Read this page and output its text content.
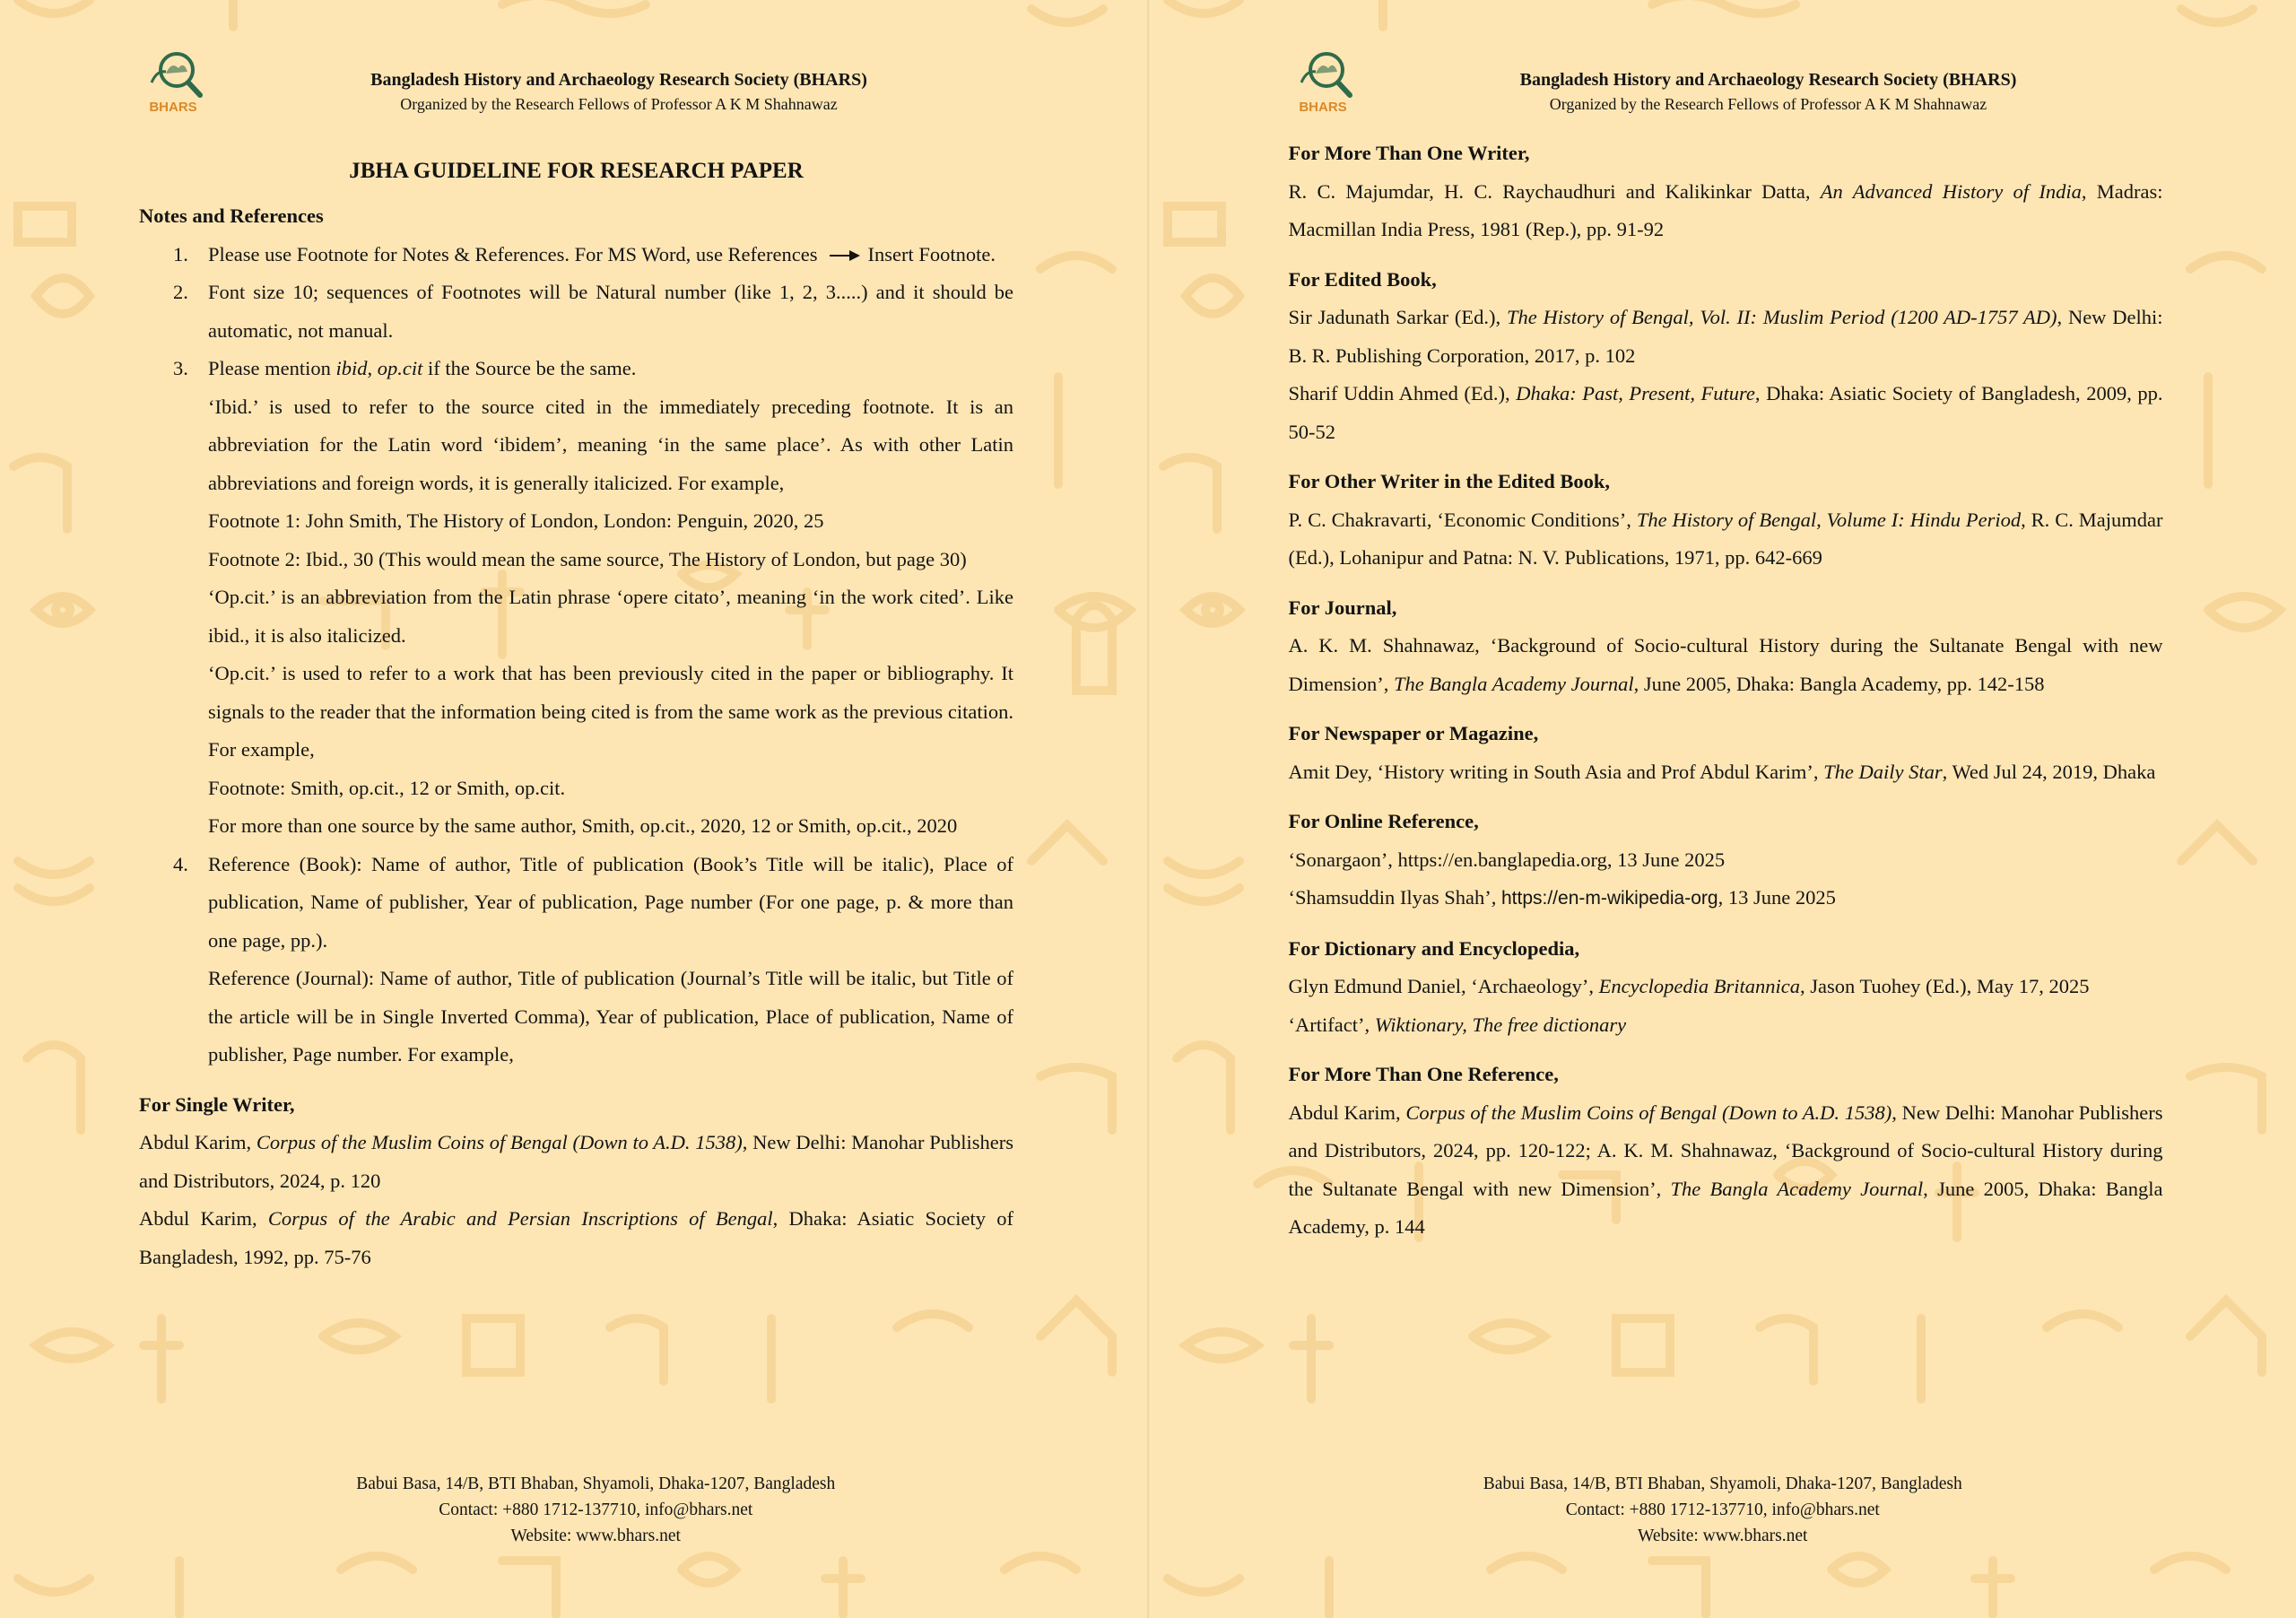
BHARS
Bangladesh History and Archaeology Research Society (BHARS)
Organized by the Research Fellows of Professor A K M Shahnawaz
JBHA GUIDELINE FOR RESEARCH PAPER
Notes and References
1. Please use Footnote for Notes & References. For MS Word, use References Insert Footnote.
2. Font size 10; sequences of Footnotes will be Natural number (like 1, 2, 3.....) and it should be automatic, not manual.
3. Please mention ibid, op.cit if the Source be the same.
‘Ibid.’ is used to refer to the source cited in the immediately preceding footnote. It is an abbreviation for the Latin word ‘ibidem’, meaning ‘in the same place’. As with other Latin abbreviations and foreign words, it is generally italicized. For example,
Footnote 1: John Smith, The History of London, London: Penguin, 2020, 25
Footnote 2: Ibid., 30 (This would mean the same source, The History of London, but page 30)
‘Op.cit.’ is an abbreviation from the Latin phrase ‘opere citato’, meaning ‘in the work cited’. Like ibid., it is also italicized.
‘Op.cit.’ is used to refer to a work that has been previously cited in the paper or bibliography. It signals to the reader that the information being cited is from the same work as the previous citation. For example,
Footnote: Smith, op.cit., 12 or Smith, op.cit.
For more than one source by the same author, Smith, op.cit., 2020, 12 or Smith, op.cit., 2020
4. Reference (Book): Name of author, Title of publication (Book’s Title will be italic), Place of publication, Name of publisher, Year of publication, Page number (For one page, p. & more than one page, pp.).
Reference (Journal): Name of author, Title of publication (Journal’s Title will be italic, but Title of the article will be in Single Inverted Comma), Year of publication, Place of publication, Name of publisher, Page number. For example,
For Single Writer,
Abdul Karim, Corpus of the Muslim Coins of Bengal (Down to A.D. 1538), New Delhi: Manohar Publishers and Distributors, 2024, p. 120
Abdul Karim, Corpus of the Arabic and Persian Inscriptions of Bengal, Dhaka: Asiatic Society of Bangladesh, 1992, pp. 75-76
Babui Basa, 14/B, BTI Bhaban, Shyamoli, Dhaka-1207, Bangladesh
Contact: +880 1712-137710, info@bhars.net
Website: www.bhars.net
BHARS
Bangladesh History and Archaeology Research Society (BHARS)
Organized by the Research Fellows of Professor A K M Shahnawaz
For More Than One Writer,
R. C. Majumdar, H. C. Raychaudhuri and Kalikinkar Datta, An Advanced History of India, Madras: Macmillan India Press, 1981 (Rep.), pp. 91-92
For Edited Book,
Sir Jadunath Sarkar (Ed.), The History of Bengal, Vol. II: Muslim Period (1200 AD-1757 AD), New Delhi: B. R. Publishing Corporation, 2017, p. 102
Sharif Uddin Ahmed (Ed.), Dhaka: Past, Present, Future, Dhaka: Asiatic Society of Bangladesh, 2009, pp. 50-52
For Other Writer in the Edited Book,
P. C. Chakravarti, ‘Economic Conditions’, The History of Bengal, Volume I: Hindu Period, R. C. Majumdar (Ed.), Lohanipur and Patna: N. V. Publications, 1971, pp. 642-669
For Journal,
A. K. M. Shahnawaz, ‘Background of Socio-cultural History during the Sultanate Bengal with new Dimension’, The Bangla Academy Journal, June 2005, Dhaka: Bangla Academy, pp. 142-158
For Newspaper or Magazine,
Amit Dey, ‘History writing in South Asia and Prof Abdul Karim’, The Daily Star, Wed Jul 24, 2019, Dhaka
For Online Reference,
‘Sonargaon’, https://en.banglapedia.org, 13 June 2025
‘Shamsuddin Ilyas Shah’, https://en-m-wikipedia-org, 13 June 2025
For Dictionary and Encyclopedia,
Glyn Edmund Daniel, ‘Archaeology’, Encyclopedia Britannica, Jason Tuohey (Ed.), May 17, 2025
‘Artifact’, Wiktionary, The free dictionary
For More Than One Reference,
Abdul Karim, Corpus of the Muslim Coins of Bengal (Down to A.D. 1538), New Delhi: Manohar Publishers and Distributors, 2024, pp. 120-122; A. K. M. Shahnawaz, ‘Background of Socio-cultural History during the Sultanate Bengal with new Dimension’, The Bangla Academy Journal, June 2005, Dhaka: Bangla Academy, p. 144
Babui Basa, 14/B, BTI Bhaban, Shyamoli, Dhaka-1207, Bangladesh
Contact: +880 1712-137710, info@bhars.net
Website: www.bhars.net
